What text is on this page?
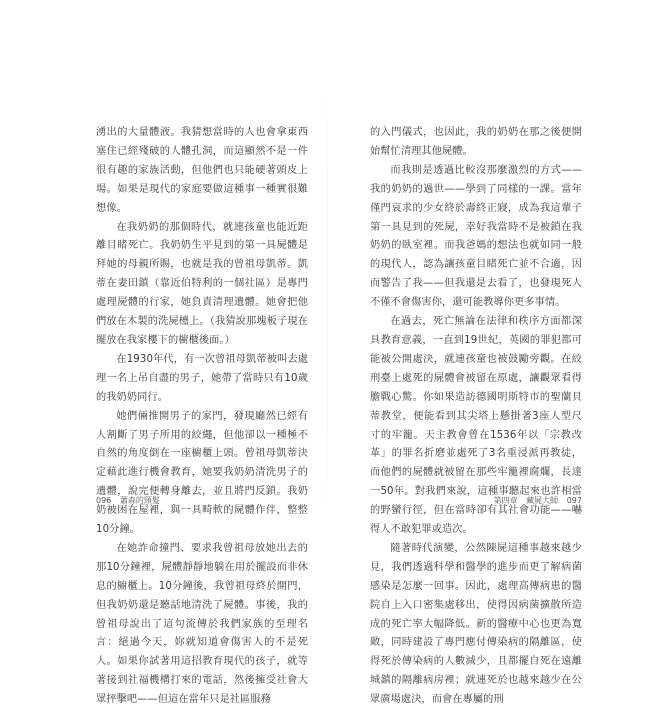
湧出的大量體液。我猜想當時的人也會拿東西塞住已經殘破的人體孔洞，而這顯然不是一件很有趣的家族活動，但他們也只能硬著頭皮上場。如果是現代的家庭要做這種事一種實很難想像。

在我奶奶的那個時代，就連孩童也能近距離目睹死亡。我奶奶生平見到的第一具屍體是拜她的母親所賜，也就是我的曾祖母凱蒂。凱蒂在妻田鎮（靠近伯特利的一個社區）是專門處理屍體的行家，她負責清理遺體。她會把他們放在木製的洗屍檯上。（我猜說那塊板子現在擺放在我家樓下的櫥櫃後面。）

在1930年代，有一次曾祖母凱蒂被叫去處理一名上吊自盡的男子，她帶了當時只有10歲的我奶奶同行。

她們倆推開男子的家門，發現廳然已經有人割斷了男子所用的絞繩，但他卻以一種極不自然的角度倒在一座櫥櫃上頭。曾祖母凱蒂決定藉此進行機會教育，她要我奶奶清洗男子的遺體，說完便轉身離去，並且將門反鎖。我奶奶被困在屋裡，與一具畸軟的屍體作伴，整整10分鐘。

在她詐命撞門、要求我曾祖母放她出去的那10分鐘裡，屍體靜靜地躺在用於擺設而非休息的櫥櫃上。10分鐘後，我曾祖母終於開門，但我奶奶還是聽話地清洗了屍體。事後，我的曾祖母說出了這句流傳於我們家族的至理名言：絕過今天，妳就知道會傷害人的不是死人。如果你試著用這招教育現代的孩子，就等著接到社福機構打來的電話，然後擁受社會大眾抨擊吧——但這在當年只是社區服務

的入門儀式，也因此，我的奶奶在那之後便開始幫忙清理其他屍體。

而我則是透過比較沒那麼激烈的方式——我的奶奶的過世——學到了同樣的一課。當年僅門哀求的少女終於壽終正寢，成為我這輩子第一具見到的死屍，幸好我當時不是被鎖在我奶奶的臥室裡。而我爸媽的想法也就如同一般的現代人，認為讓孩童目睹死亡並不合適，因而警告了我——但我還是去看了，也發現死人不僅不會傷害你，還可能教導你更多事情。

在過去，死亡無論在法律和秩序方面都深具教育意義，一直到19世紀，英國的罪犯都可能被公開處決，就連孩童也被鼓勵旁觀。在絞刑臺上處死的屍體會被留在原處，讓觀眾看得膽戰心驚。你如果造訪德國明斯特市的聖蘭貝蒂教堂，便能看到其尖塔上懸掛著3座人型尺寸的牢籠。天主教會曾在1536年以「宗教改革」的罪名折磨並處死了3名重浸派再教徒，而他們的屍體就被留在那些牢籠裡腐爛，長達一50年。對我們來說，這種事聽起來也許相當的野蠻行徑，但在當時卻有其社會功能——嚇得人不敢犯罪或造次。

隨著時代演變，公然陳屍這種事越來越少見，我們透過科學和醫學的進步而更了解病菌感染是怎麼一回事。因此，處理高傳病患的醫院自上入口密集處移出，使得因病菌擴散所造成的死亡率大幅降低。新的醫療中心也更為寬敞，同時建設了專門應付傳染病的隔離區，使得死於傳染病的人數減少，且都擺自死在遠離城鎮的隔離病房裡；就連死於也越來越少在公眾廣場處決，而會在專屬的刑

096 蕭森的頸髮	第四章 藏屍大師 097
